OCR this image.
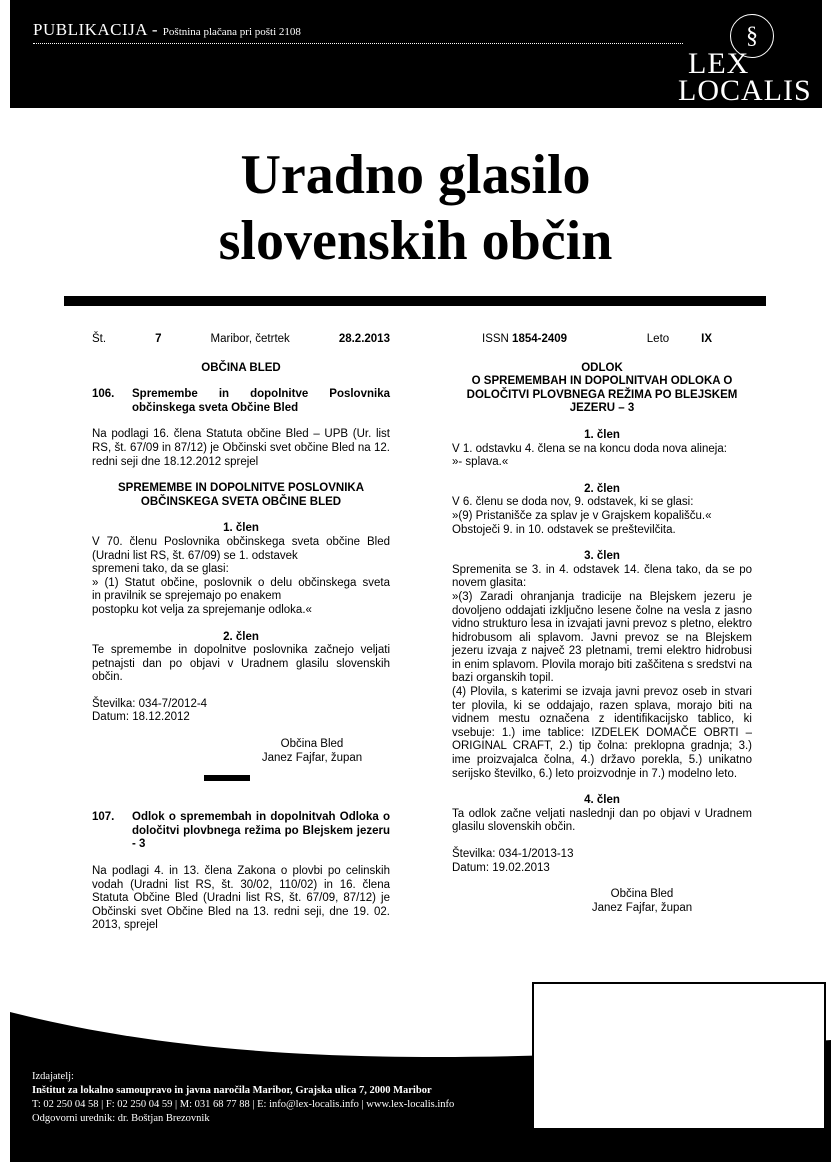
PUBLIKACIJA - Poštnina plačana pri pošti 2108	§
LEX
LOCALIS
Uradno glasilo
slovenskih občin
Št.	7	Maribor, četrtek	28.2.2013
OBČINA BLED
106.	Spremembe in dopolnitve Poslovnika občinskega sveta Občine Bled
Na podlagi 16. člena Statuta občine Bled – UPB (Ur. list RS, št. 67/09 in 87/12) je Občinski svet občine Bled na 12. redni seji dne 18.12.2012 sprejel
SPREMEMBE IN DOPOLNITVE POSLOVNIKA OBČINSKEGA SVETA OBČINE BLED
1. člen
V 70. členu Poslovnika občinskega sveta občine Bled
(Uradni list RS, št. 67/09) se 1. odstavek
spremeni tako, da se glasi:
» (1) Statut občine, poslovnik o delu občinskega sveta
in pravilnik se sprejemajo po enakem
postopku kot velja za sprejemanje odloka.«
2. člen
Te spremembe in dopolnitve poslovnika začnejo veljati petnajsti dan po objavi v Uradnem glasilu slovenskih občin.
Številka: 034-7/2012-4
Datum: 18.12.2012
Občina Bled
Janez Fajfar, župan
107.	Odlok o spremembah in dopolnitvah Odloka o določitvi plovbnega režima po Blejskem jezeru - 3
Na podlagi 4. in 13. člena Zakona o plovbi po celinskih vodah (Uradni list RS, št. 30/02, 110/02) in 16. člena Statuta Občine Bled (Uradni list RS, št. 67/09, 87/12) je Občinski svet Občine Bled na 13. redni seji, dne 19. 02. 2013, sprejel
ISSN 1854-2409	Leto	IX
ODLOK
O SPREMEMBAH IN DOPOLNITVAH ODLOKA O DOLOČITVI PLOVBNEGA REŽIMA PO BLEJSKEM JEZERU – 3
1. člen
V 1. odstavku 4. člena se na koncu doda nova alineja:
»- splava.«
2. člen
V 6. členu se doda nov, 9. odstavek, ki se glasi:
»(9) Pristanišče za splav je v Grajskem kopališču.«
Obstoječi 9. in 10. odstavek se preštevilčita.
3. člen
Spremenita se 3. in 4. odstavek 14. člena tako, da se po novem glasita:
»(3) Zaradi ohranjanja tradicije na Blejskem jezeru je dovoljeno oddajati izključno lesene čolne na vesla z jasno vidno strukturo lesa in izvajati javni prevoz s pletno, elektro hidrobusom ali splavom. Javni prevoz se na Blejskem jezeru izvaja z največ 23 pletnami, tremi elektro hidrobusi in enim splavom. Plovila morajo biti zaščitena s sredstvi na bazi organskih topil.
(4) Plovila, s katerimi se izvaja javni prevoz oseb in stvari ter plovila, ki se oddajajo, razen splava, morajo biti na vidnem mestu označena z identifikacijsko tablico, ki vsebuje: 1.) ime tablice: IZDELEK DOMAČE OBRTI – ORIGINAL CRAFT, 2.) tip čolna: preklopna gradnja; 3.) ime proizvajalca čolna, 4.) državo porekla, 5.) unikatno serijsko številko, 6.) leto proizvodnje in 7.) modelno leto.
4. člen
Ta odlok začne veljati naslednji dan po objavi v Uradnem glasilu slovenskih občin.
Številka: 034-1/2013-13
Datum: 19.02.2013
Občina Bled
Janez Fajfar, župan
Izdajatelj:
Inštitut za lokalno samoupravo in javna naročila Maribor, Grajska ulica 7, 2000 Maribor
T: 02 250 04 58 | F: 02 250 04 59 | M: 031 68 77 88 | E: info@lex-localis.info | www.lex-localis.info
Odgovorni urednik: dr. Boštjan Brezovnik
